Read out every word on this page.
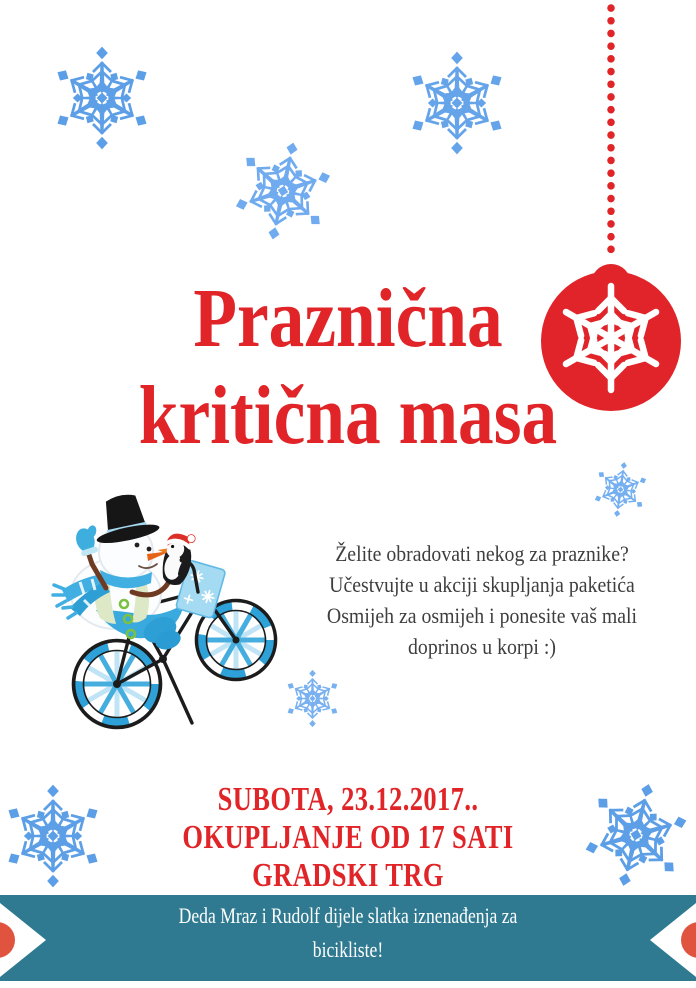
Praznična
kritična masa
Želite obradovati nekog za praznike?
Učestvujte u akciji skupljanja paketića
Osmijeh za osmijeh i ponesite vaš mali
doprinos u korpi :)
SUBOTA, 23.12.2017..
OKUPLJANJE OD 17 SATI
GRADSKI TRG
Deda Mraz i Rudolf dijele slatka iznenađenja za bicikliste!
